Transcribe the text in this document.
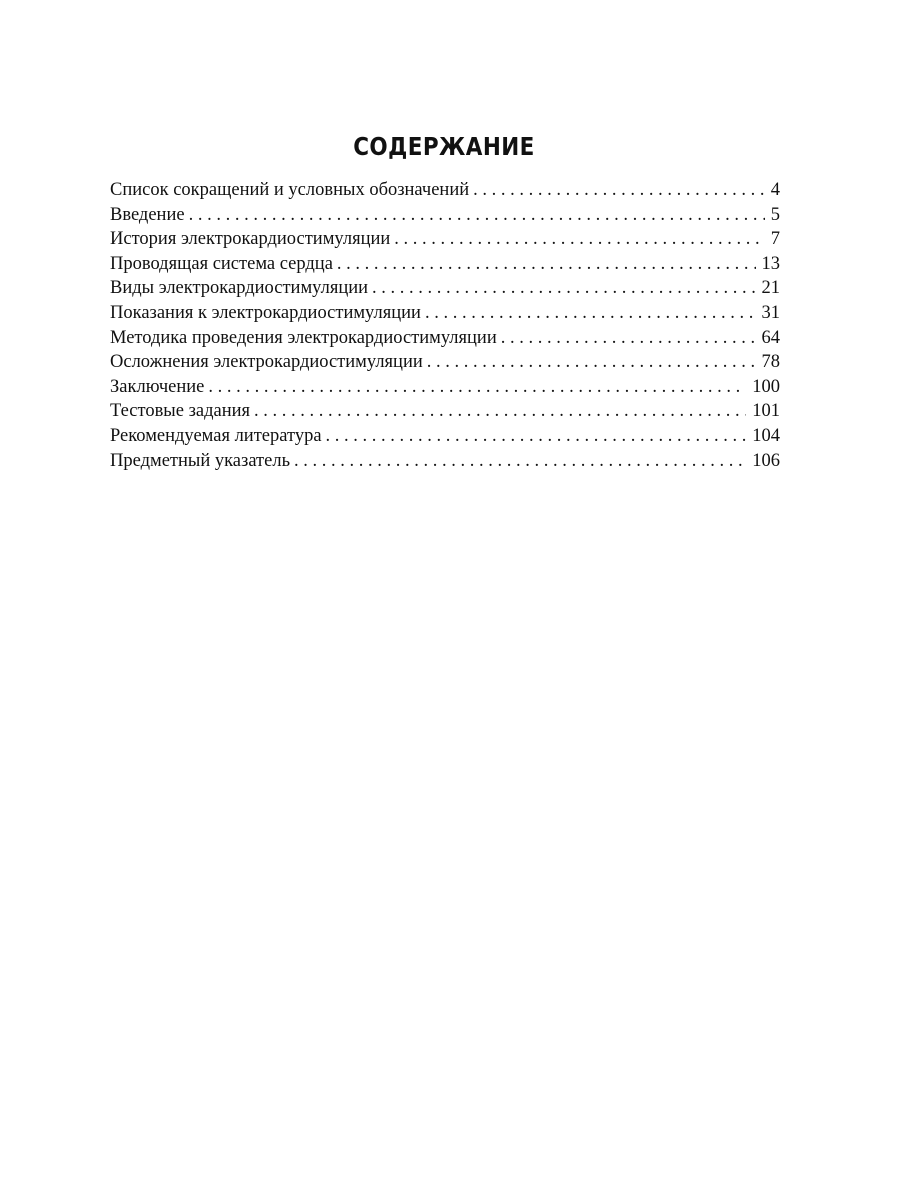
СОДЕРЖАНИЕ
Список сокращений и условных обозначений . . .	4
Введение . . .	5
История электрокардиостимуляции . . .	7
Проводящая система сердца . . .	13
Виды электрокардиостимуляции . . .	21
Показания к электрокардиостимуляции . . .	31
Методика проведения электрокардиостимуляции . . .	64
Осложнения электрокардиостимуляции . . .	78
Заключение . . .	100
Тестовые задания . . .	101
Рекомендуемая литература . . .	104
Предметный указатель . . .	106
